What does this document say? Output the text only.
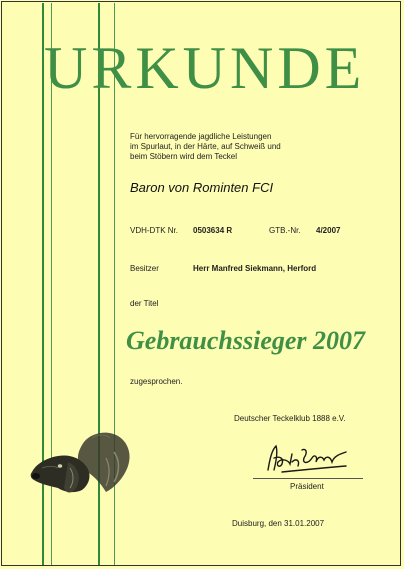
URKUNDE
Für hervorragende jagdliche Leistungen
im Spurlaut, in der Härte, auf Schweiß und
beim Stöbern wird dem Teckel
Baron von Rominten FCI
VDH-DTK Nr. 0503634 R	GTB.-Nr. 4/2007
Besitzer	Herr Manfred Siekmann, Herford
der Titel
Gebrauchssieger 2007
zugesprochen.
Deutscher Teckelklub 1888 e.V.
Präsident
Duisburg, den 31.01.2007
